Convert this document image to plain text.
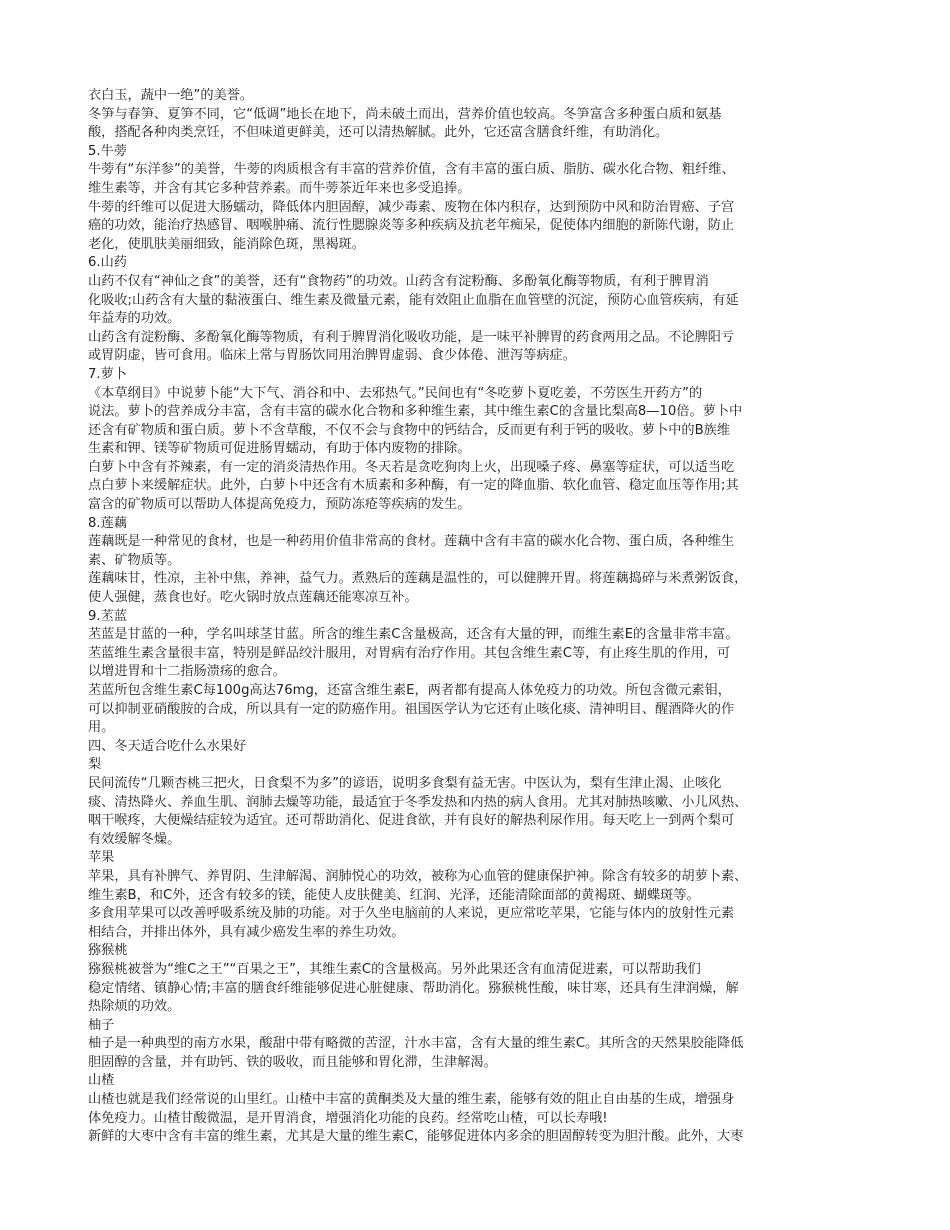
衣白玉，蔬中一绝”的美誉。
冬笋与春笋、夏笋不同，它“低调”地长在地下，尚未破土而出，营养价值也较高。冬笋富含多种蛋白质和氨基
酸，搭配各种肉类烹饪，不但味道更鲜美，还可以清热解腻。此外，它还富含膳食纤维，有助消化。
5.牛蒡
牛蒡有“东洋参”的美誉，牛蒡的肉质根含有丰富的营养价值，含有丰富的蛋白质、脂肪、碳水化合物、粗纤维、
维生素等，并含有其它多种营养素。而牛蒡茶近年来也多受追捧。
牛蒡的纤维可以促进大肠蠕动，降低体内胆固醇，减少毒素、废物在体内积存，达到预防中风和防治胃癌、子宫
癌的功效，能治疗热感冒、咽喉肿痛、流行性腮腺炎等多种疾病及抗老年痴呆，促使体内细胞的新陈代谢，防止
老化，使肌肤美丽细致，能消除色斑，黑褐斑。
6.山药
山药不仅有“神仙之食”的美誉，还有“食物药”的功效。山药含有淀粉酶、多酚氧化酶等物质，有利于脾胃消
化吸收;山药含有大量的黏液蛋白、维生素及微量元素，能有效阻止血脂在血管壁的沉淀，预防心血管疾病，有延
年益寿的功效。
山药含有淀粉酶、多酚氧化酶等物质，有利于脾胃消化吸收功能，是一味平补脾胃的药食两用之品。不论脾阳亏
或胃阴虚，皆可食用。临床上常与胃肠饮同用治脾胃虚弱、食少体倦、泄泻等病症。
7.萝卜
《本草纲目》中说萝卜能“大下气、消谷和中、去邪热气。”民间也有“冬吃萝卜夏吃姜，不劳医生开药方”的
说法。萝卜的营养成分丰富，含有丰富的碳水化合物和多种维生素，其中维生素C的含量比梨高8—10倍。萝卜中
还含有矿物质和蛋白质。萝卜不含草酸，不仅不会与食物中的钙结合，反而更有利于钙的吸收。萝卜中的B族维
生素和钾、镁等矿物质可促进肠胃蠕动，有助于体内废物的排除。
白萝卜中含有芥辣素，有一定的消炎清热作用。冬天若是贪吃狗肉上火，出现嗓子疼、鼻塞等症状，可以适当吃
点白萝卜来缓解症状。此外，白萝卜中还含有木质素和多种酶，有一定的降血脂、软化血管、稳定血压等作用;其
富含的矿物质可以帮助人体提高免疫力，预防冻疮等疾病的发生。
8.莲藕
莲藕既是一种常见的食材，也是一种药用价值非常高的食材。莲藕中含有丰富的碳水化合物、蛋白质，各种维生
素、矿物质等。
莲藕味甘，性凉，主补中焦，养神，益气力。煮熟后的莲藕是温性的，可以健脾开胃。将莲藕捣碎与米煮粥饭食，
使人强健，蒸食也好。吃火锅时放点莲藕还能寒凉互补。
9.苤蓝
苤蓝是甘蓝的一种，学名叫球茎甘蓝。所含的维生素C含量极高，还含有大量的钾，而维生素E的含量非常丰富。
苤蓝维生素含量很丰富，特别是鲜品绞汁服用，对胃病有治疗作用。其包含维生素C等，有止疼生肌的作用，可
以增进胃和十二指肠溃疡的愈合。
苤蓝所包含维生素C每100g高达76mg，还富含维生素E，两者都有提高人体免疫力的功效。所包含微元素钼，
可以抑制亚硝酸胺的合成，所以具有一定的防癌作用。祖国医学认为它还有止咳化痰、清神明目、醒酒降火的作
用。
四、冬天适合吃什么水果好
梨
民间流传“几颗杏桃三把火，日食梨不为多”的谚语，说明多食梨有益无害。中医认为，梨有生津止渴、止咳化
痰、清热降火、养血生肌、润肺去燥等功能，最适宜于冬季发热和内热的病人食用。尤其对肺热咳嗽、小儿风热、
咽干喉疼，大便燥结症较为适宜。还可帮助消化、促进食欲，并有良好的解热利尿作用。每天吃上一到两个梨可
有效缓解冬燥。
苹果
苹果，具有补脾气、养胃阴、生津解渴、润肺悦心的功效，被称为心血管的健康保护神。除含有较多的胡萝卜素、
维生素B，和C外，还含有较多的镁，能使人皮肤健美、红润、光泽，还能清除面部的黄褐斑、蝴蝶斑等。
多食用苹果可以改善呼吸系统及肺的功能。对于久坐电脑前的人来说，更应常吃苹果，它能与体内的放射性元素
相结合，并排出体外，具有减少癌发生率的养生功效。
猕猴桃
猕猴桃被誉为“维C之王”“百果之王”，其维生素C的含量极高。另外此果还含有血清促进素，可以帮助我们
稳定情绪、镇静心情;丰富的膳食纤维能够促进心脏健康、帮助消化。猕猴桃性酸，味甘寒，还具有生津润燥，解
热除烦的功效。
柚子
柚子是一种典型的南方水果，酸甜中带有略微的苦涩，汁水丰富，含有大量的维生素C。其所含的天然果胶能降低
胆固醇的含量，并有助钙、铁的吸收，而且能够和胃化滞，生津解渴。
山楂
山楂也就是我们经常说的山里红。山楂中丰富的黄酮类及大量的维生素，能够有效的阻止自由基的生成，增强身
体免疫力。山楂甘酸微温，是开胃消食，增强消化功能的良药。经常吃山楂，可以长寿哦!
新鲜的大枣中含有丰富的维生素，尤其是大量的维生素C，能够促进体内多余的胆固醇转变为胆汁酸。此外，大枣
